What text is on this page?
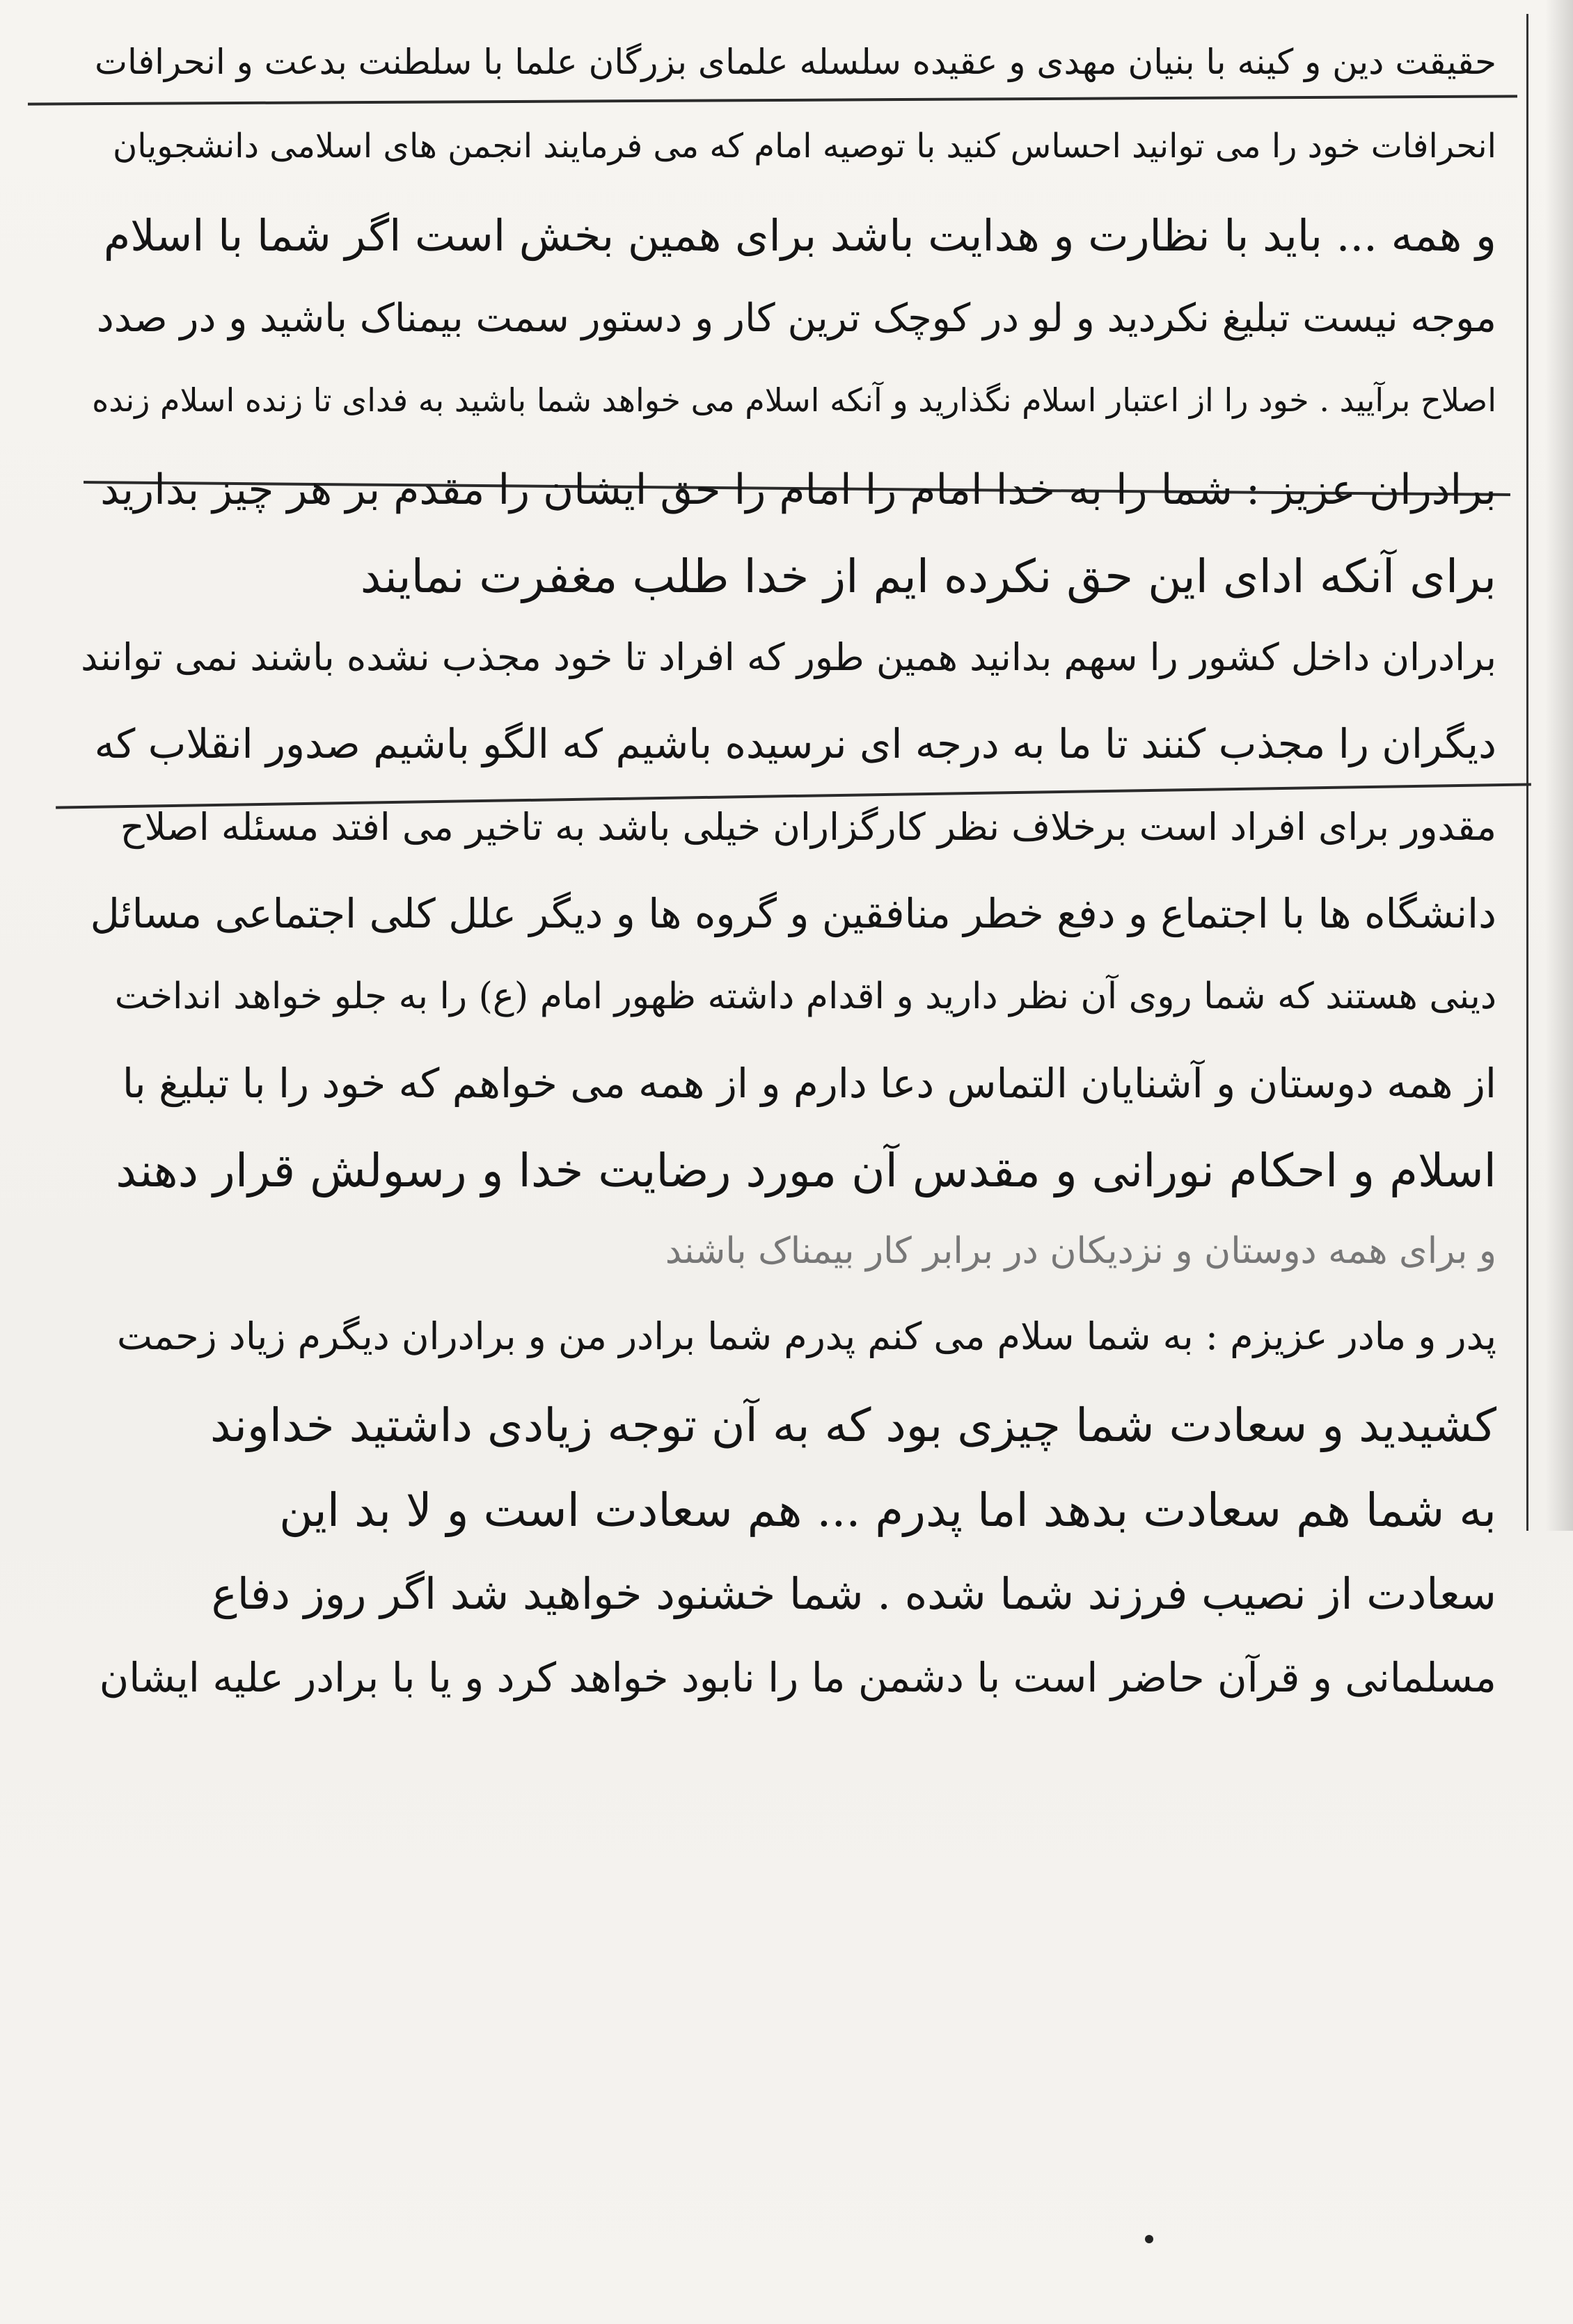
حقیقت دین و کینه با بنیان مهدی و عقیده سلسله علمای بزرگان علما با سلطنت بدعت و انحرافات
انحرافات خود را می توانید احساس کنید با توصیه امام که می فرمایند انجمن های اسلامی دانشجویان
و همه ... باید با نظارت و هدایت باشد برای همین بخش است اگر شما با اسلام
موجه نیست تبلیغ نکردید و لو در کوچک ترین کار و دستور سمت بیمناک باشید و در صدد
اصلاح برآیید . خود را از اعتبار اسلام نگذارید و آنکه اسلام می خواهد شما باشید به فدای تا زنده اسلام زنده
برادران عزیز : شما را به خدا امام را امام را حق ایشان را مقدم بر هر چیز بدارید
برای آنکه ادای این حق نکرده ایم از خدا طلب مغفرت نمایند
برادران داخل کشور را سهم بدانید همین طور که افراد تا خود مجذب نشده باشند نمی توانند
دیگران را مجذب کنند تا ما به درجه ای نرسیده باشیم که الگو باشیم صدور انقلاب که
مقدور برای افراد است برخلاف نظر کارگزاران خیلی باشد به تاخیر می افتد مسئله اصلاح
دانشگاه ها با اجتماع و دفع خطر منافقین و گروه ها و دیگر علل کلی اجتماعی مسائل
دینی هستند که شما روی آن نظر دارید و اقدام داشته ظهور امام (ع) را به جلو خواهد انداخت
از همه دوستان و آشنایان التماس دعا دارم و از همه می خواهم که خود را با تبلیغ با
اسلام و احکام نورانی و مقدس آن مورد رضایت خدا و رسولش قرار دهند
و برای همه دوستان و نزدیکان در برابر کار بیمناک باشند
پدر و مادر عزیزم : به شما سلام می کنم پدرم شما برادر من و برادران دیگرم زیاد زحمت
کشیدید و سعادت شما چیزی بود که به آن توجه زیادی داشتید خداوند
به شما هم سعادت بدهد اما پدرم ... هم سعادت است و لا بد این
سعادت از نصیب فرزند شما شده . شما خشنود خواهید شد اگر روز دفاع
مسلمانی و قرآن حاضر است با دشمن ما را نابود خواهد کرد و یا با برادر علیه ایشان
